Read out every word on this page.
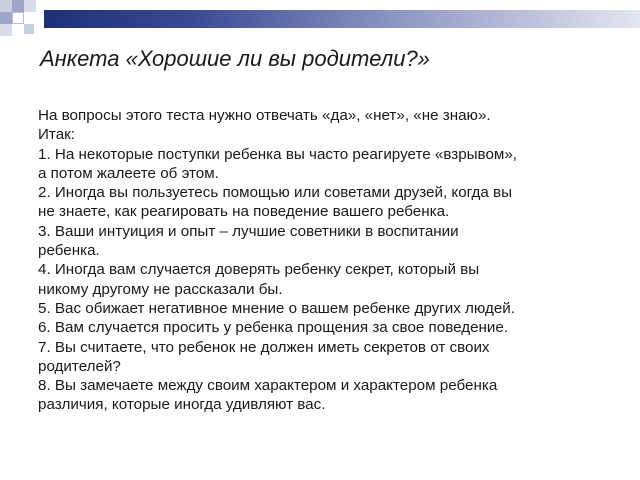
Анкета «Хорошие ли вы родители?»
На вопросы этого теста нужно отвечать «да», «нет», «не знаю».
Итак:
1. На некоторые поступки ребенка вы часто реагируете «взрывом»,
а потом жалеете об этом.
2. Иногда вы пользуетесь помощью или советами друзей, когда вы
не знаете, как реагировать на поведение вашего ребенка.
3. Ваши интуиция и опыт – лучшие советники в воспитании
ребенка.
4. Иногда вам случается доверять ребенку секрет, который вы
никому другому не рассказали бы.
5. Вас обижает негативное мнение о вашем ребенке других людей.
6. Вам случается просить у ребенка прощения за свое поведение.
7. Вы считаете, что ребенок не должен иметь секретов от своих
родителей?
8. Вы замечаете между своим характером и характером ребенка
различия, которые иногда удивляют вас.
